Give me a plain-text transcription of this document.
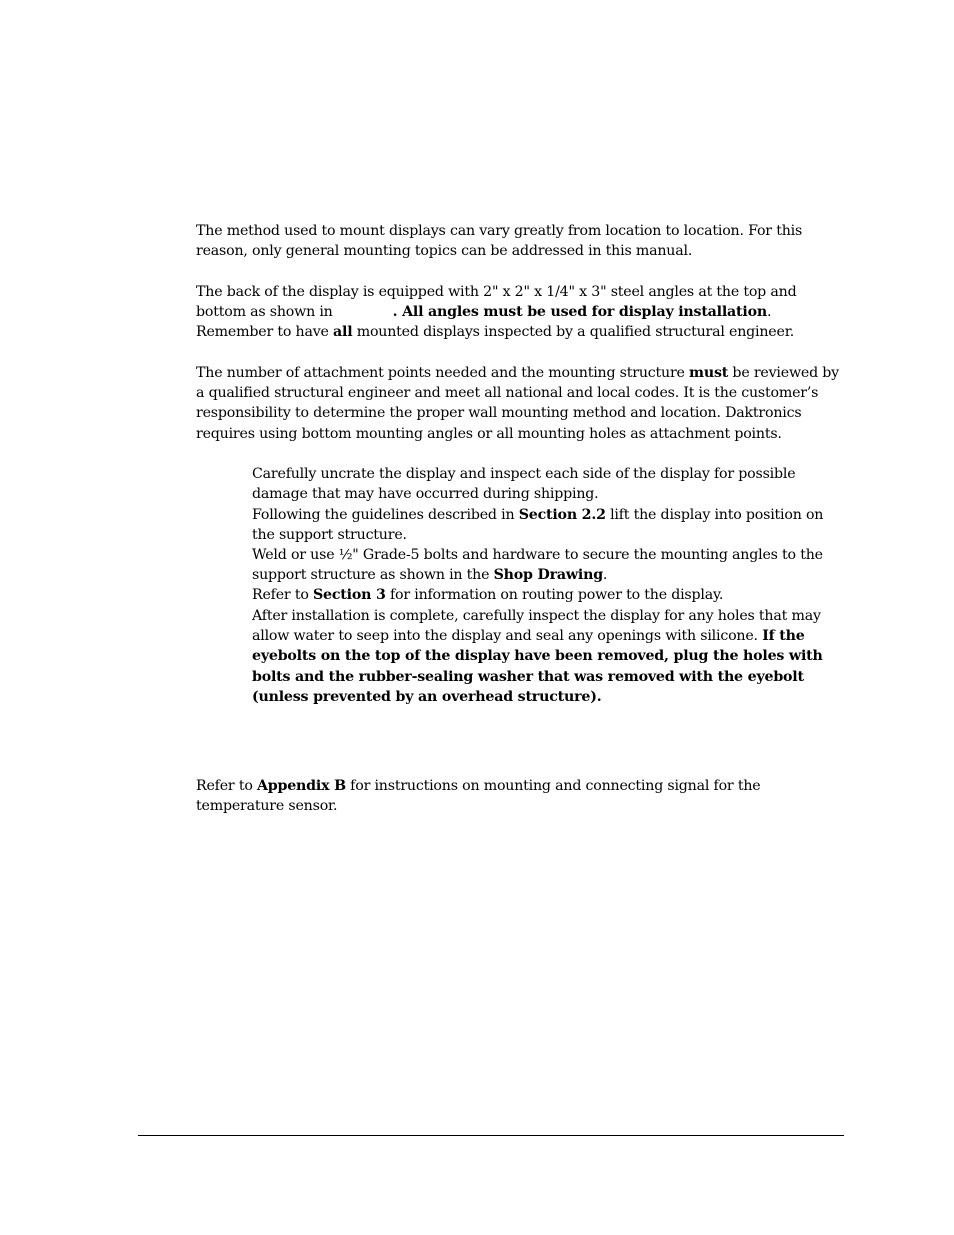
The method used to mount displays can vary greatly from location to location. For this reason, only general mounting topics can be addressed in this manual.

The back of the display is equipped with 2" x 2" x 1/4" x 3" steel angles at the top and bottom as shown in	. All angles must be used for display installation. Remember to have all mounted displays inspected by a qualified structural engineer.

The number of attachment points needed and the mounting structure must be reviewed by a qualified structural engineer and meet all national and local codes. It is the customer’s responsibility to determine the proper wall mounting method and location. Daktronics requires using bottom mounting angles or all mounting holes as attachment points.

Carefully uncrate the display and inspect each side of the display for possible damage that may have occurred during shipping.

Following the guidelines described in Section 2.2 lift the display into position on the support structure.

Weld or use ½" Grade-5 bolts and hardware to secure the mounting angles to the support structure as shown in the Shop Drawing.

Refer to Section 3 for information on routing power to the display.

After installation is complete, carefully inspect the display for any holes that may allow water to seep into the display and seal any openings with silicone. If the eyebolts on the top of the display have been removed, plug the holes with bolts and the rubber-sealing washer that was removed with the eyebolt (unless prevented by an overhead structure).

Refer to Appendix B for instructions on mounting and connecting signal for the temperature sensor.
